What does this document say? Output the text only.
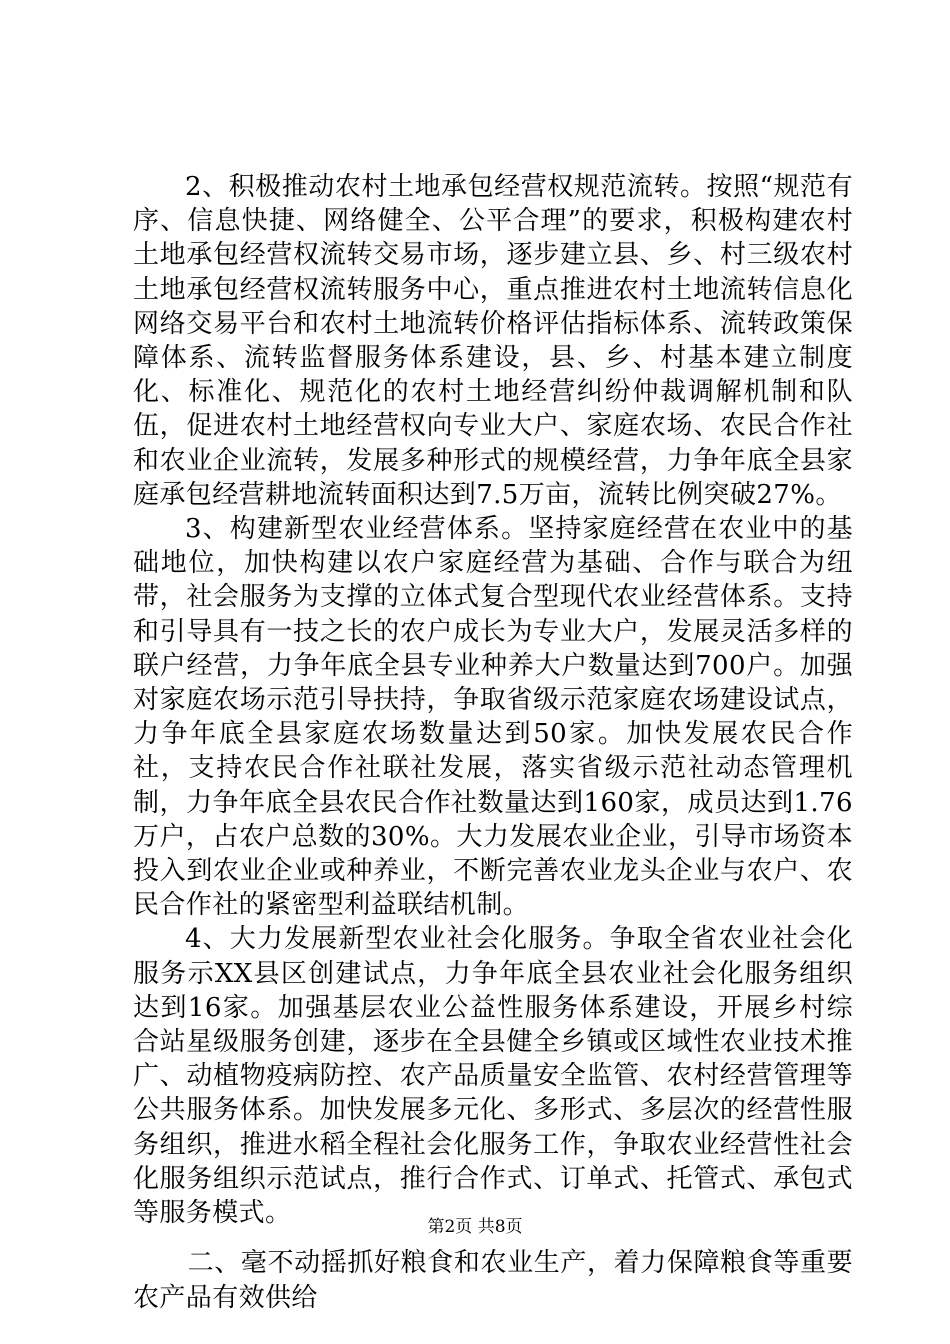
2、积极推动农村土地承包经营权规范流转。按照“规范有序、信息快捷、网络健全、公平合理”的要求，积极构建农村土地承包经营权流转交易市场，逐步建立县、乡、村三级农村土地承包经营权流转服务中心，重点推进农村土地流转信息化网络交易平台和农村土地流转价格评估指标体系、流转政策保障体系、流转监督服务体系建设，县、乡、村基本建立制度化、标准化、规范化的农村土地经营纠纷仲裁调解机制和队伍，促进农村土地经营权向专业大户、家庭农场、农民合作社和农业企业流转，发展多种形式的规模经营，力争年底全县家庭承包经营耕地流转面积达到7.5万亩，流转比例突破27%。

3、构建新型农业经营体系。坚持家庭经营在农业中的基础地位，加快构建以农户家庭经营为基础、合作与联合为纽带，社会服务为支撑的立体式复合型现代农业经营体系。支持和引导具有一技之长的农户成长为专业大户，发展灵活多样的联户经营，力争年底全县专业种养大户数量达到700户。加强对家庭农场示范引导扶持，争取省级示范家庭农场建设试点，力争年底全县家庭农场数量达到50家。加快发展农民合作社，支持农民合作社联社发展，落实省级示范社动态管理机制，力争年底全县农民合作社数量达到160家，成员达到1.76万户，占农户总数的30%。大力发展农业企业，引导市场资本投入到农业企业或种养业，不断完善农业龙头企业与农户、农民合作社的紧密型利益联结机制。

4、大力发展新型农业社会化服务。争取全省农业社会化服务示XX县区创建试点，力争年底全县农业社会化服务组织达到16家。加强基层农业公益性服务体系建设，开展乡村综合站星级服务创建，逐步在全县健全乡镇或区域性农业技术推广、动植物疫病防控、农产品质量安全监管、农村经营管理等公共服务体系。加快发展多元化、多形式、多层次的经营性服务组织，推进水稻全程社会化服务工作，争取农业经营性社会化服务组织示范试点，推行合作式、订单式、托管式、承包式等服务模式。

二、毫不动摇抓好粮食和农业生产，着力保障粮食等重要农产品有效供给

第2页 共8页
